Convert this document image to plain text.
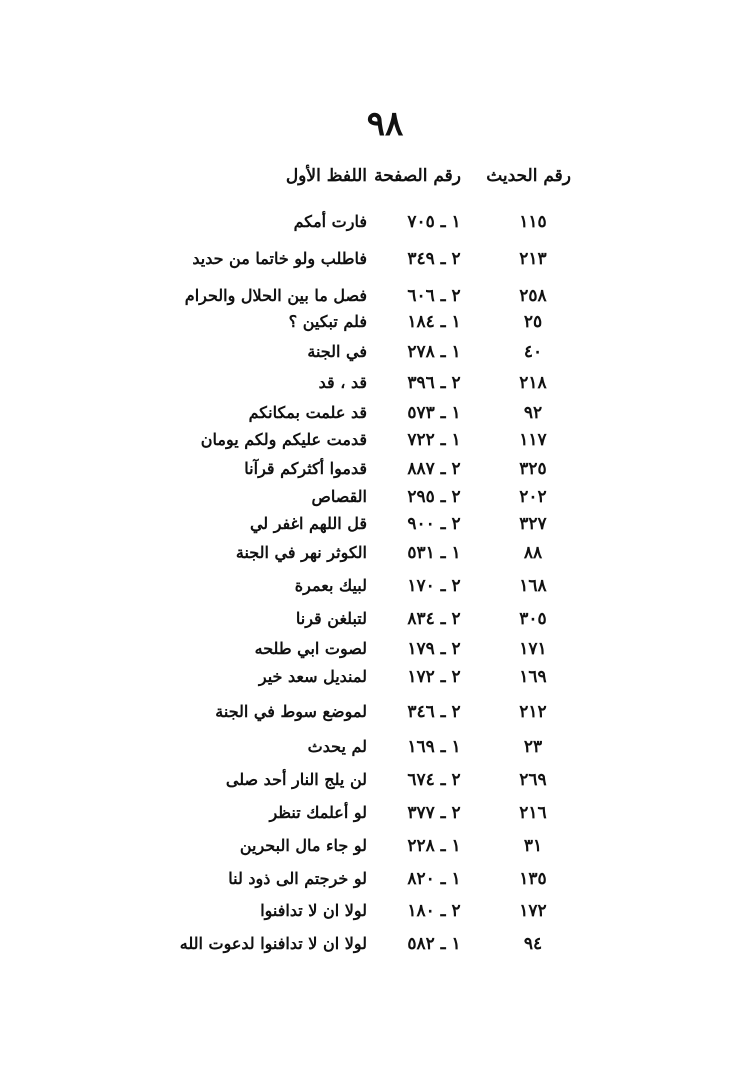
٩٨
رقم الحديث
رقم الصفحة
اللفظ الأول
١١٥
١ ـ ٧٠٥
فارت أمكم
٢١٣
٢ ـ ٣٤٩
فاطلب ولو خاتما من حديد
٢٥٨
٢ ـ ٦٠٦
فصل ما بين الحلال والحرام
٢٥
١ ـ ١٨٤
فلم تبكين ؟
٤٠
١ ـ ٢٧٨
في الجنة
٢١٨
٢ ـ ٣٩٦
قد ، قد
٩٢
١ ـ ٥٧٣
قد علمت بمكانكم
١١٧
١ ـ ٧٢٢
قدمت عليكم ولكم يومان
٣٢٥
٢ ـ ٨٨٧
قدموا أكثركم قرآنا
٢٠٢
٢ ـ ٢٩٥
القصاص
٣٢٧
٢ ـ ٩٠٠
قل اللهم اغفر لي
٨٨
١ ـ ٥٣١
الكوثر نهر في الجنة
١٦٨
٢ ـ ١٧٠
لبيك بعمرة
٣٠٥
٢ ـ ٨٣٤
لتبلغن قرنا
١٧١
٢ ـ ١٧٩
لصوت ابي طلحه
١٦٩
٢ ـ ١٧٢
لمنديل سعد خير
٢١٢
٢ ـ ٣٤٦
لموضع سوط في الجنة
٢٣
١ ـ ١٦٩
لم يحدث
٢٦٩
٢ ـ ٦٧٤
لن يلج النار أحد صلى
٢١٦
٢ ـ ٣٧٧
لو أعلمك تنظر
٣١
١ ـ ٢٢٨
لو جاء مال البحرين
١٣٥
١ ـ ٨٢٠
لو خرجتم الى ذود لنا
١٧٢
٢ ـ ١٨٠
لولا ان لا تدافنوا
٩٤
١ ـ ٥٨٢
لولا ان لا تدافنوا لدعوت الله
